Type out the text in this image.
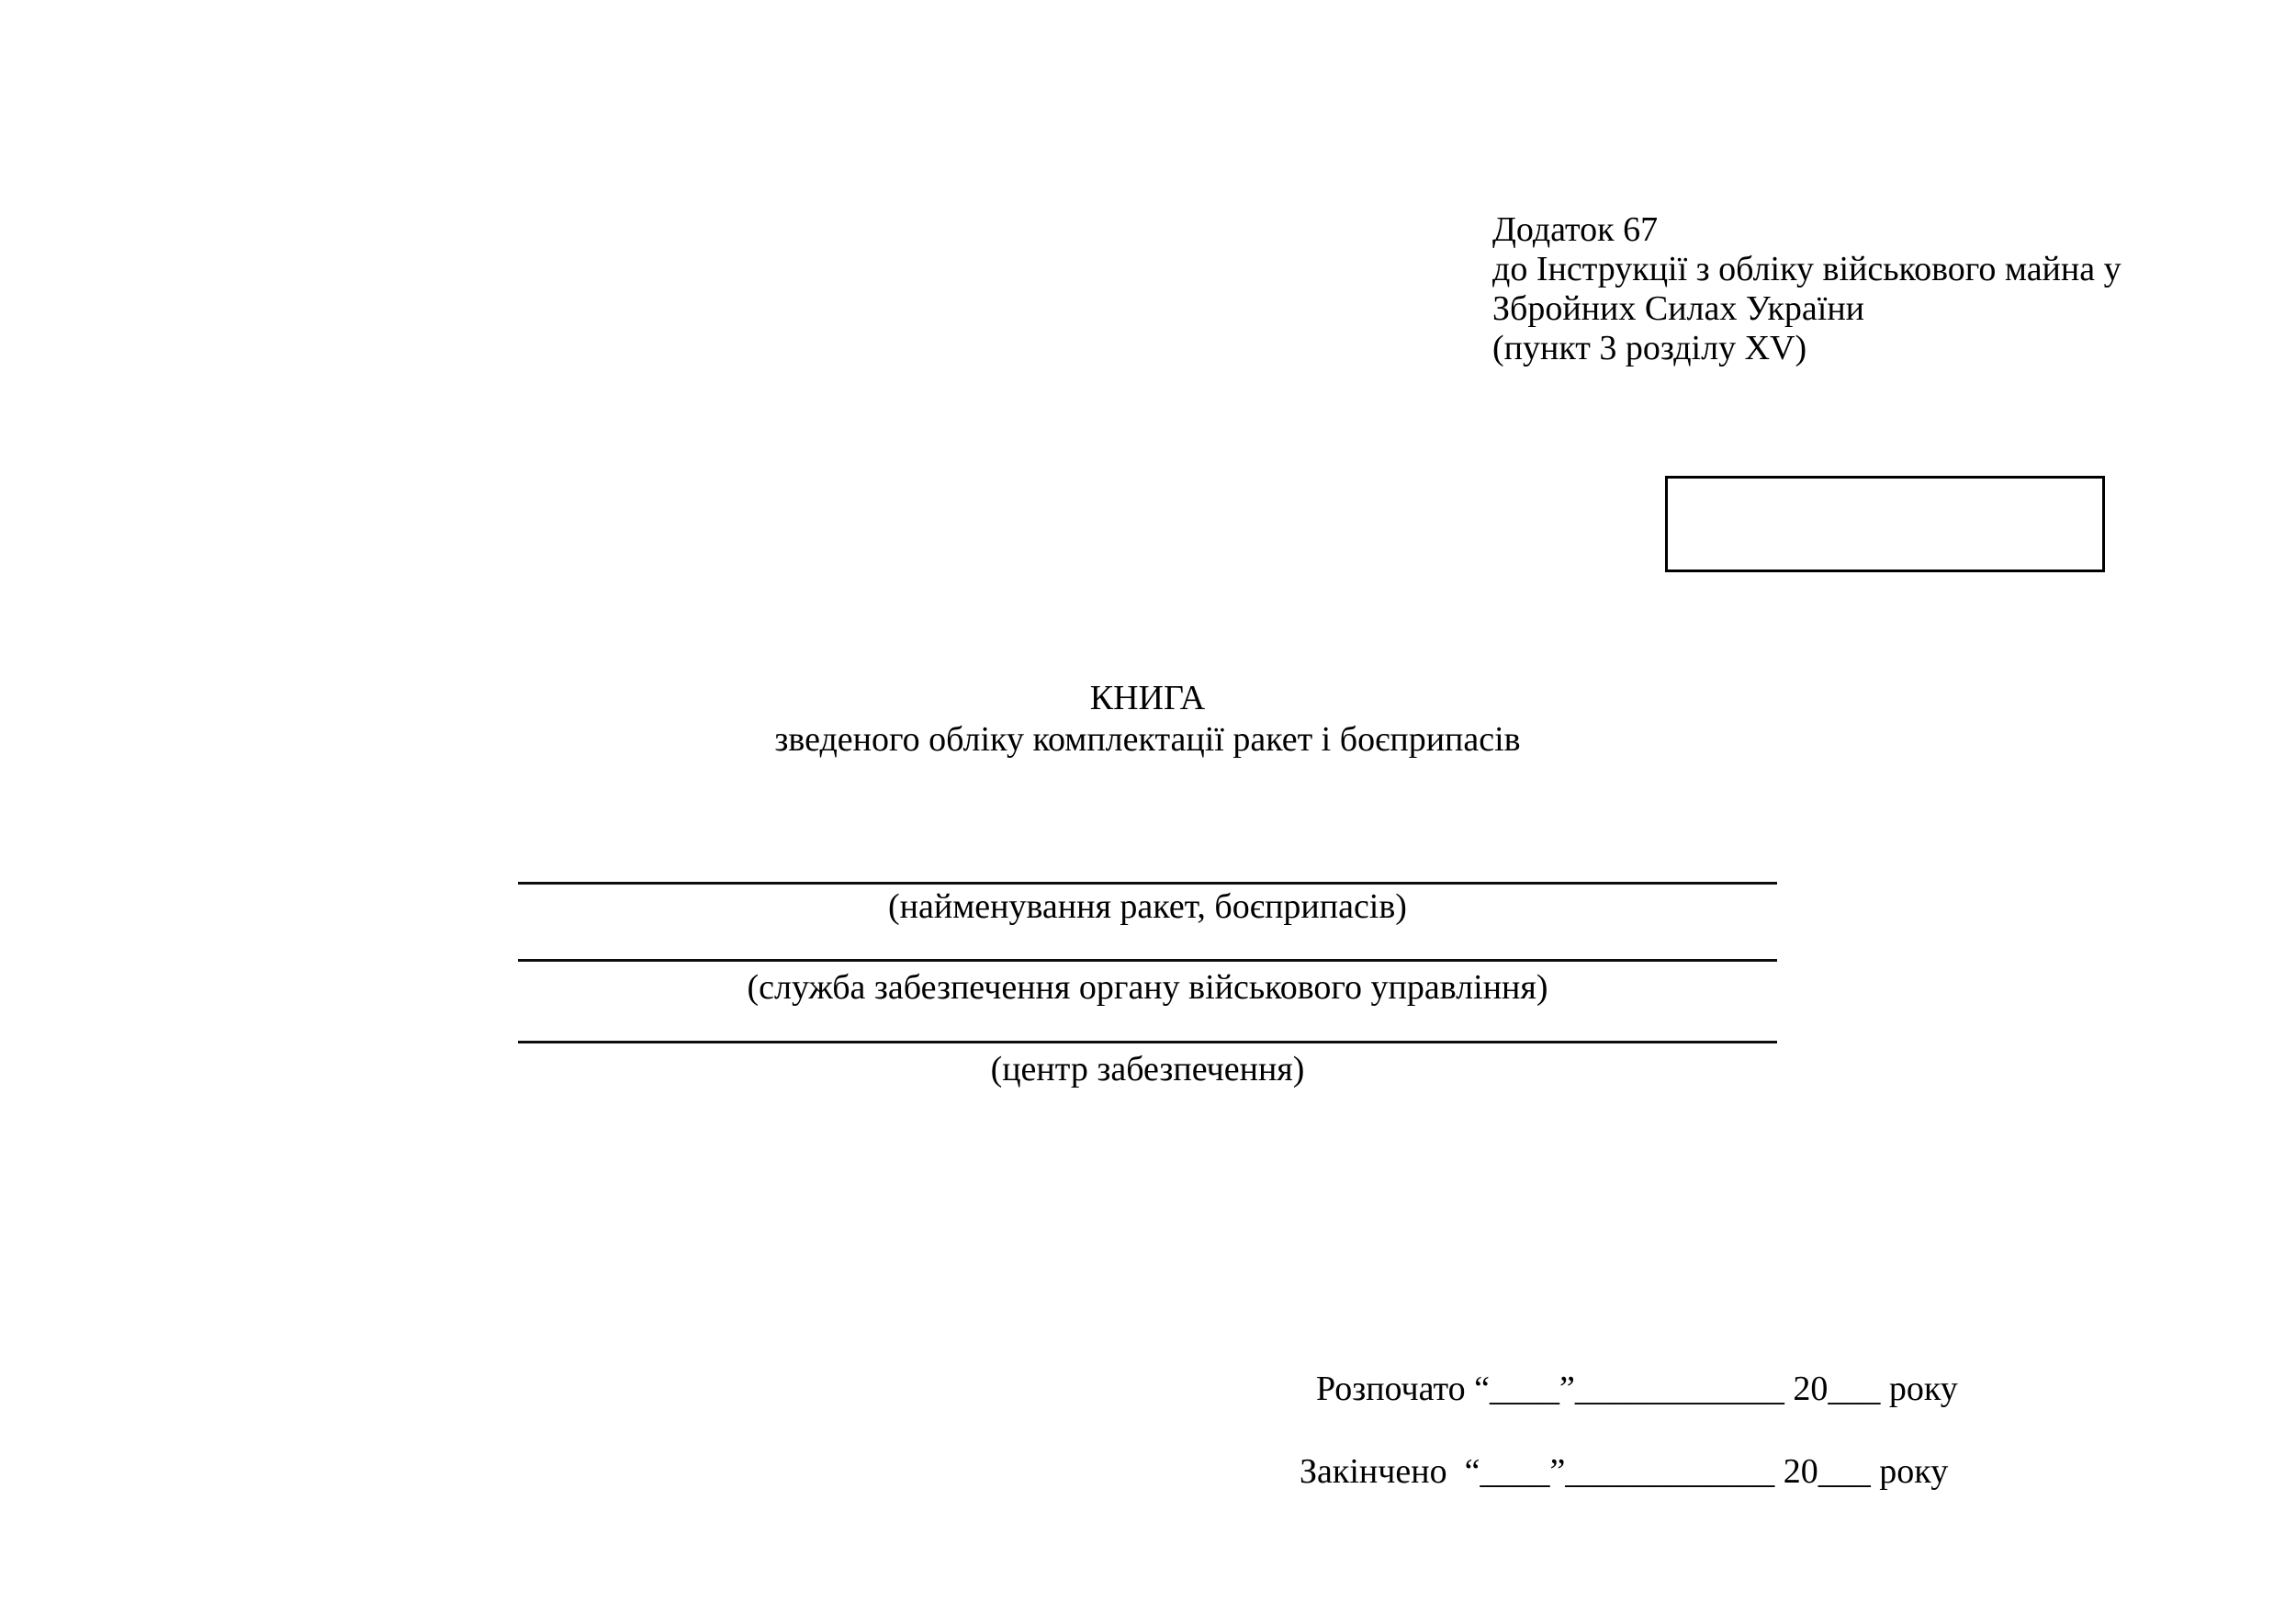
Додаток 67
до Інструкції з обліку військового майна у
Збройних Силах України
(пункт 3 розділу XV)
КНИГА
зведеного обліку комплектації ракет і боєприпасів
(найменування ракет, боєприпасів)
(служба забезпечення органу військового управління)
(центр забезпечення)
Розпочато “____”____________ 20___ року
Закінчено  “____”____________ 20___ року
